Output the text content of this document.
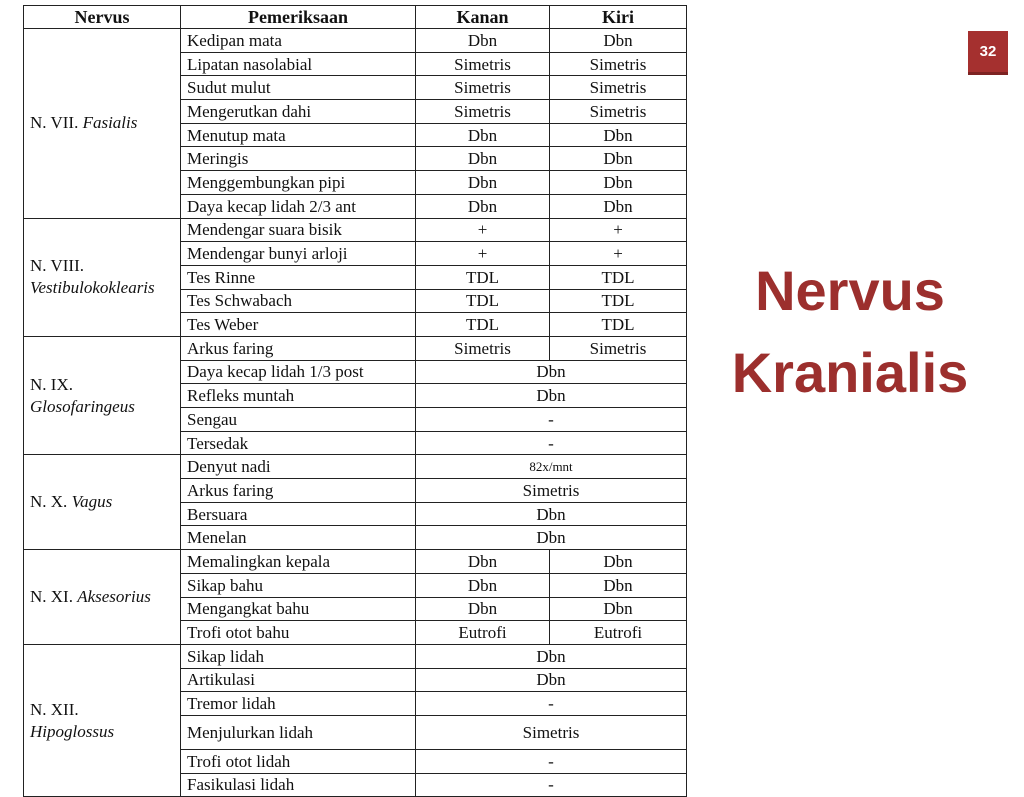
Nervus	Pemeriksaan	Kanan	Kiri
N. VII. Fasialis	Kedipan mata	Dbn	Dbn
	Lipatan nasolabial	Simetris	Simetris
	Sudut mulut	Simetris	Simetris
	Mengerutkan dahi	Simetris	Simetris
	Menutup mata	Dbn	Dbn
	Meringis	Dbn	Dbn
	Menggembungkan pipi	Dbn	Dbn
	Daya kecap lidah 2/3 ant	Dbn	Dbn
N. VIII.
Vestibulokoklearis	Mendengar suara bisik	+	+
	Mendengar bunyi arloji	+	+
	Tes Rinne	TDL	TDL
	Tes Schwabach	TDL	TDL
	Tes Weber	TDL	TDL
N. IX.
Glosofaringeus	Arkus faring	Simetris	Simetris
	Daya kecap lidah 1/3 post	Dbn	
	Refleks muntah	Dbn	
	Sengau	-	
	Tersedak	-	
N. X. Vagus	Denyut nadi	82x/mnt	
	Arkus faring	Simetris	
	Bersuara	Dbn	
	Menelan	Dbn	
N. XI. Aksesorius	Memalingkan kepala	Dbn	Dbn
	Sikap bahu	Dbn	Dbn
	Mengangkat bahu	Dbn	Dbn
	Trofi otot bahu	Eutrofi	Eutrofi
N. XII.
Hipoglossus	Sikap lidah	Dbn	
	Artikulasi	Dbn	
	Tremor lidah	-	
	Menjulurkan lidah	Simetris	
	Trofi otot lidah	-	
	Fasikulasi lidah	-	
32
Nervus
Kranialis
